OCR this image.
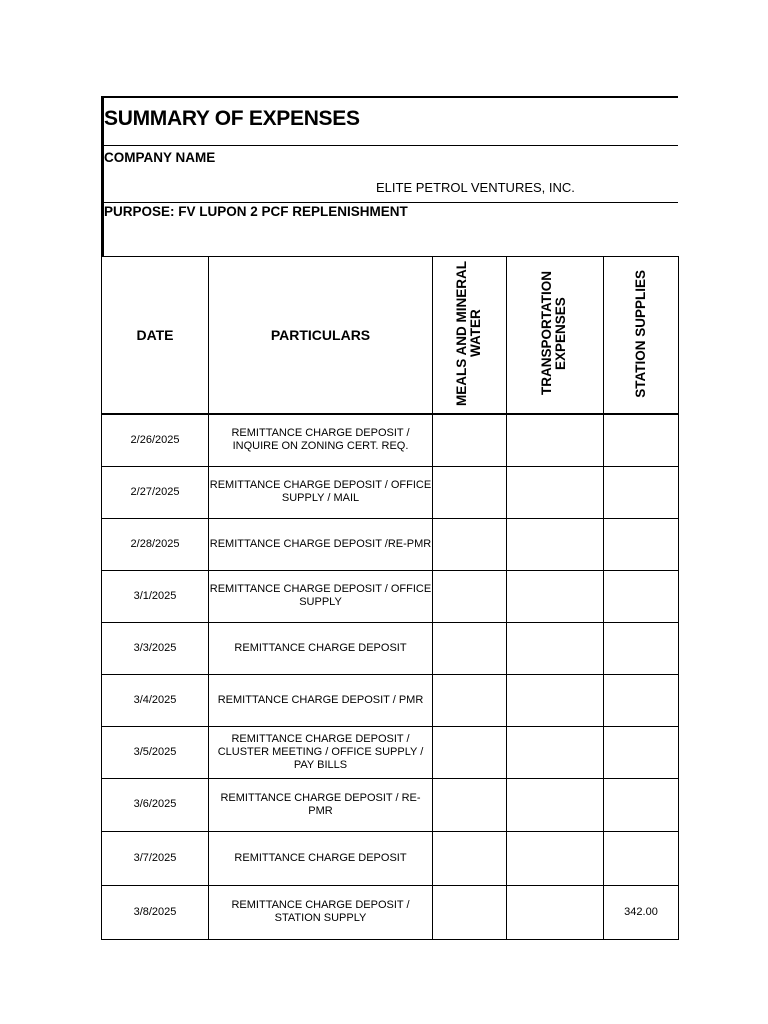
SUMMARY OF EXPENSES
COMPANY NAME
ELITE PETROL VENTURES, INC.
PURPOSE: FV LUPON 2 PCF REPLENISHMENT
DATE	PARTICULARS	MEALS AND MINERAL WATER	TRANSPORTATION EXPENSES	STATION SUPPLIES
2/26/2025	REMITTANCE CHARGE DEPOSIT / INQUIRE ON ZONING CERT. REQ.			
2/27/2025	REMITTANCE CHARGE DEPOSIT / OFFICE SUPPLY / MAIL			
2/28/2025	REMITTANCE CHARGE DEPOSIT /RE-PMR			
3/1/2025	REMITTANCE CHARGE DEPOSIT / OFFICE SUPPLY			
3/3/2025	REMITTANCE CHARGE DEPOSIT			
3/4/2025	REMITTANCE CHARGE DEPOSIT / PMR			
3/5/2025	REMITTANCE CHARGE DEPOSIT / CLUSTER MEETING / OFFICE SUPPLY / PAY BILLS			
3/6/2025	REMITTANCE CHARGE DEPOSIT / RE-PMR			
3/7/2025	REMITTANCE CHARGE DEPOSIT			
3/8/2025	REMITTANCE CHARGE DEPOSIT / STATION SUPPLY			342.00
